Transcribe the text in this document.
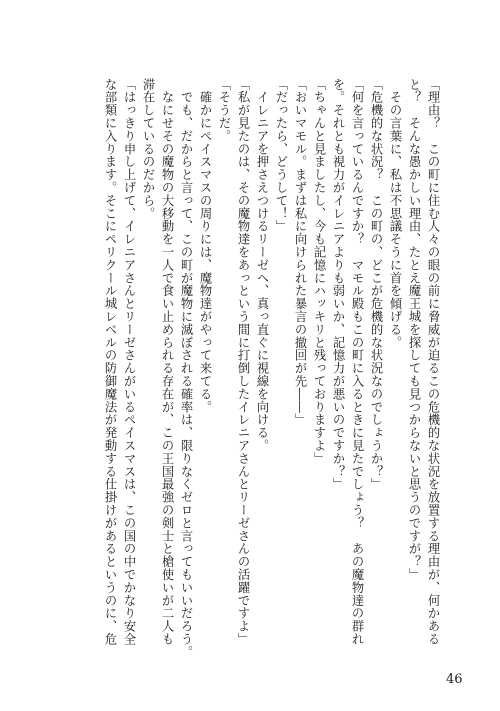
「理由？　この町に住む人々の眼の前に脅威が迫るこの危機的な状況を放置する理由が、何かある
と？　そんな愚かしい理由、たとえ魔王城を探しても見つからないと思うのですが？」
　その言葉に、私は不思議そうに首を傾げる。
「危機的な状況？　この町の、どこが危機的な状況なのでしょうか？」
「何を言っているんですか？　マモル殿もこの町に入るときに見たでしょう？　あの魔物達の群れ
を。それとも視力がイレニアよりも弱いか、記憶力が悪いのですか？」
「ちゃんと見ましたし、今も記憶にハッキリと残っておりますよ」
「おいマモル。まずは私に向けられた暴言の撤回が先――」
「だったら、どうして！」
　イレニアを押さえつけるリーゼへ、真っ直ぐに視線を向ける。
「私が見たのは、その魔物達をあっという間に打倒したイレニアさんとリーゼさんの活躍ですよ」
「そうだ。
　確かにペイスマスの周りには、魔物達がやって来てる。
　でも、だからと言って、この町が魔物に滅ぼされる確率は、限りなくゼロと言ってもいいだろう。
　なにせその魔物の大移動を一人で食い止められる存在が、この王国最強の剣士と槍使いが二人も
滞在しているのだから。
「はっきり申し上げて、イレニアさんとリーゼさんがいるペイスマスは、この国の中でかなり安全
な部類に入ります。そこにペリクール城レベルの防御魔法が発動する仕掛けがあるというのに、危
46
